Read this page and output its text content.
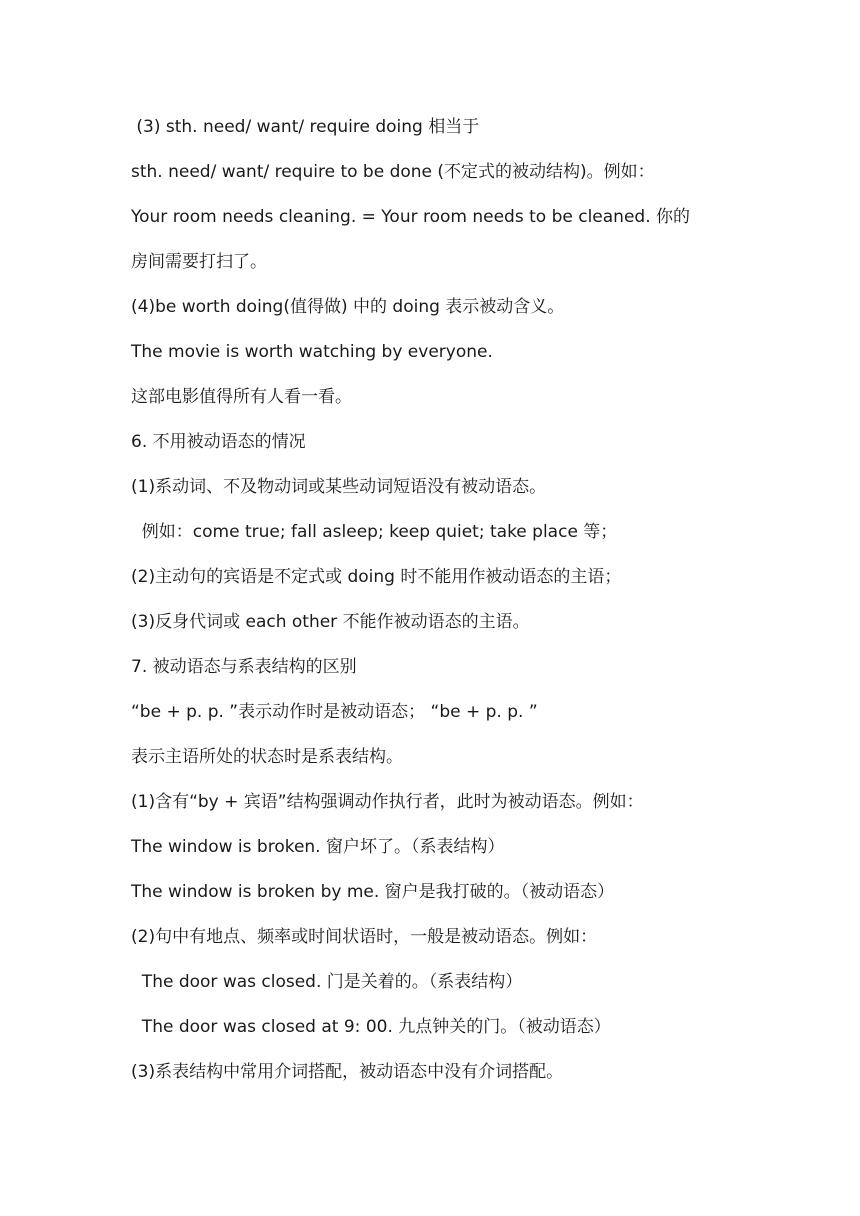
(3) sth. need/ want/ require doing 相当于
sth. need/ want/ require to be done (不定式的被动结构)。例如：
Your room needs cleaning. = Your room needs to be cleaned. 你的
房间需要打扫了。
(4)be worth doing(值得做) 中的 doing 表示被动含义。
The movie is worth watching by everyone.
这部电影值得所有人看一看。
6. 不用被动语态的情况
(1)系动词、不及物动词或某些动词短语没有被动语态。
例如：come true; fall asleep; keep quiet; take place 等；
(2)主动句的宾语是不定式或 doing 时不能用作被动语态的主语；
(3)反身代词或 each other 不能作被动语态的主语。
7. 被动语态与系表结构的区别
“be + p. p. ”表示动作时是被动语态； “be + p. p. ”
表示主语所处的状态时是系表结构。
(1)含有“by + 宾语”结构强调动作执行者，此时为被动语态。例如：
The window is broken. 窗户坏了。（系表结构）
The window is broken by me. 窗户是我打破的。（被动语态）
(2)句中有地点、频率或时间状语时，一般是被动语态。例如：
The door was closed. 门是关着的。（系表结构）
The door was closed at 9: 00. 九点钟关的门。（被动语态）
(3)系表结构中常用介词搭配，被动语态中没有介词搭配。
